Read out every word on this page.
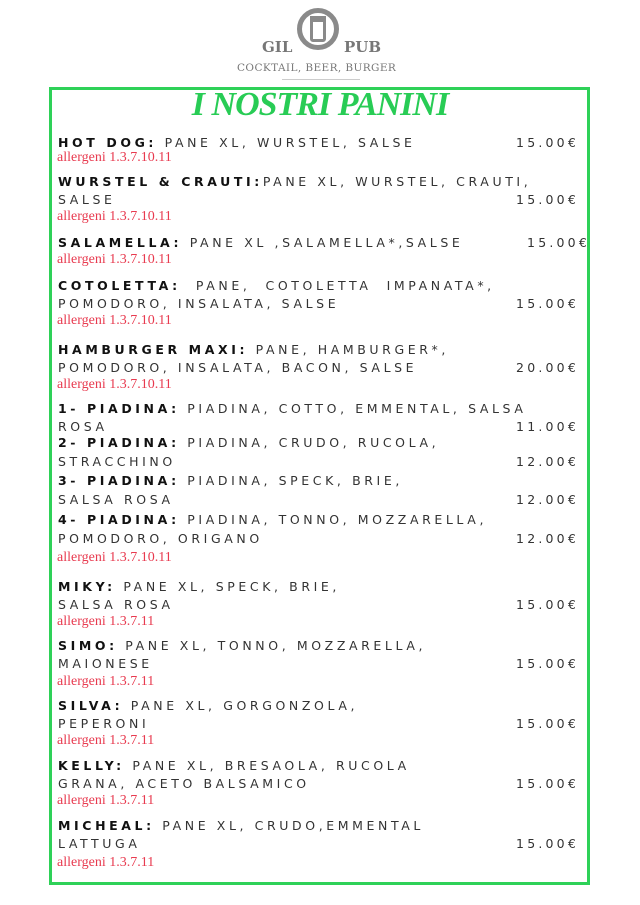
GIL	PUB
COCKTAIL, BEER, BURGER
I NOSTRI PANINI
HOT DOG: PANE XL, WURSTEL, SALSE	15.00€
allergeni 1.3.7.10.11
WURSTEL & CRAUTI:PANE XL, WURSTEL, CRAUTI,
SALSE	15.00€
allergeni 1.3.7.10.11
SALAMELLA: PANE XL ,SALAMELLA*,SALSE	15.00€
allergeni 1.3.7.10.11
COTOLETTA:  PANE,  COTOLETTA  IMPANATA*,
POMODORO, INSALATA, SALSE	15.00€
allergeni 1.3.7.10.11
HAMBURGER MAXI: PANE, HAMBURGER*,
POMODORO, INSALATA, BACON, SALSE	20.00€
allergeni 1.3.7.10.11
1- PIADINA: PIADINA, COTTO, EMMENTAL, SALSA
ROSA	11.00€
2- PIADINA: PIADINA, CRUDO, RUCOLA,
STRACCHINO	12.00€
3- PIADINA: PIADINA, SPECK, BRIE,
SALSA ROSA	12.00€
4- PIADINA: PIADINA, TONNO, MOZZARELLA,
POMODORO, ORIGANO	12.00€
allergeni 1.3.7.10.11
MIKY: PANE XL, SPECK, BRIE,
SALSA ROSA	15.00€
allergeni 1.3.7.11
SIMO: PANE XL, TONNO, MOZZARELLA,
MAIONESE	15.00€
allergeni 1.3.7.11
SILVA: PANE XL, GORGONZOLA,
PEPERONI	15.00€
allergeni 1.3.7.11
KELLY: PANE XL, BRESAOLA, RUCOLA
GRANA, ACETO BALSAMICO	15.00€
allergeni 1.3.7.11
MICHEAL: PANE XL, CRUDO,EMMENTAL
LATTUGA	15.00€
allergeni 1.3.7.11
